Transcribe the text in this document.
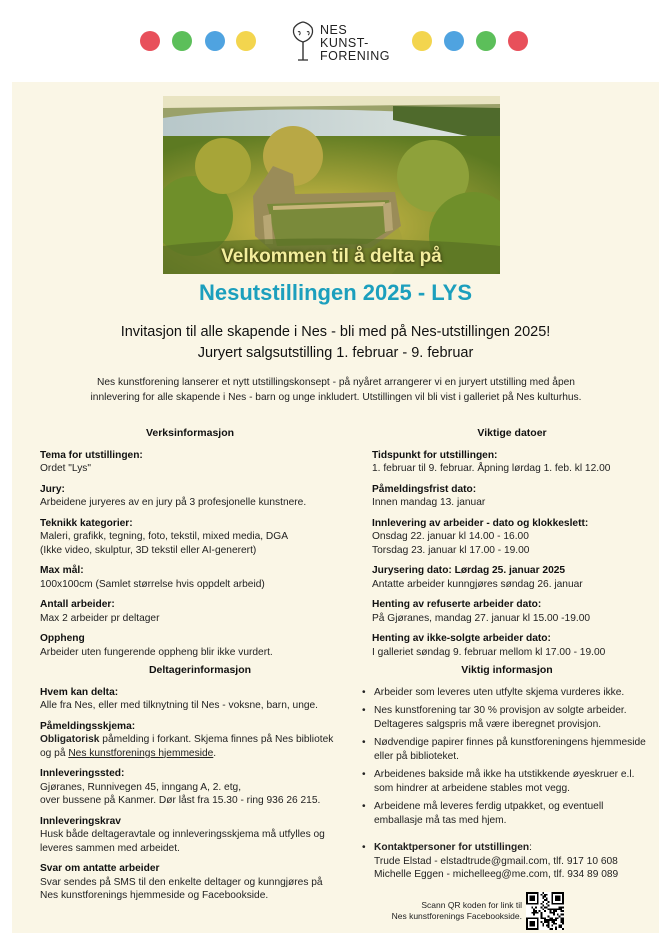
NES
KUNST-
FORENING
Velkommen til å delta på
Nesutstillingen 2025 - LYS
Invitasjon til alle skapende i Nes - bli med på Nes-utstillingen 2025!
Juryert salgsutstilling 1. februar - 9. februar
Nes kunstforening lanserer et nytt utstillingskonsept - på nyåret arrangerer vi en juryert utstilling med åpen innlevering for alle skapende i Nes - barn og unge inkludert. Utstillingen vil bli vist i galleriet på Nes kulturhus.
Verksinformasjon
Tema for utstillingen:
Ordet "Lys"
Jury:
Arbeidene juryeres av en jury på 3 profesjonelle kunstnere.
Teknikk kategorier:
Maleri, grafikk, tegning, foto, tekstil, mixed media, DGA
(Ikke video, skulptur, 3D tekstil eller AI-generert)
Max mål:
100x100cm (Samlet størrelse hvis oppdelt arbeid)
Antall arbeider:
Max 2 arbeider pr deltager
Oppheng
Arbeider uten fungerende oppheng blir ikke vurdert.
Viktige datoer
Tidspunkt for utstillingen:
1. februar til 9. februar. Åpning lørdag 1. feb. kl 12.00
Påmeldingsfrist dato:
Innen mandag 13. januar
Innlevering av arbeider - dato og klokkeslett:
Onsdag 22. januar kl 14.00 - 16.00
Torsdag 23. januar kl 17.00 - 19.00
Jurysering dato: Lørdag 25. januar 2025
Antatte arbeider kunngjøres søndag 26. januar
Henting av refuserte arbeider dato:
På Gjøranes, mandag 27. januar kl 15.00 -19.00
Henting av ikke-solgte arbeider dato:
I galleriet søndag 9. februar mellom kl 17.00 - 19.00
Deltagerinformasjon
Hvem kan delta:
Alle fra Nes, eller med tilknytning til Nes - voksne, barn, unge.
Påmeldingsskjema:
Obligatorisk påmelding i forkant. Skjema finnes på Nes bibliotek
og på Nes kunstforenings hjemmeside.
Innleveringssted:
Gjøranes, Runnivegen 45, inngang A, 2. etg,
over bussene på Kanmer. Dør låst fra 15.30 - ring 936 26 215.
Innleveringskrav
Husk både deltageravtale og innleveringsskjema må utfylles og
leveres sammen med arbeidet.
Svar om antatte arbeider
Svar sendes på SMS til den enkelte deltager og kunngjøres på
Nes kunstforenings hjemmeside og Facebookside.
Viktig informasjon
• Arbeider som leveres uten utfylte skjema vurderes ikke.
• Nes kunstforening tar 30 % provisjon av solgte arbeider. Deltageres salgspris må være iberegnet provisjon.
• Nødvendige papirer finnes på kunstforeningens hjemmeside eller på biblioteket.
• Arbeidenes bakside må ikke ha utstikkende øyeskruer e.l. som hindrer at arbeidene stables mot vegg.
• Arbeidene må leveres ferdig utpakket, og eventuell emballasje må tas med hjem.
• Kontaktpersoner for utstillingen:
Trude Elstad - elstadtrude@gmail.com, tlf. 917 10 608
Michelle Eggen - michelleeg@me.com, tlf. 934 89 089
Scann QR koden for link til
Nes kunstforenings Facebookside.
